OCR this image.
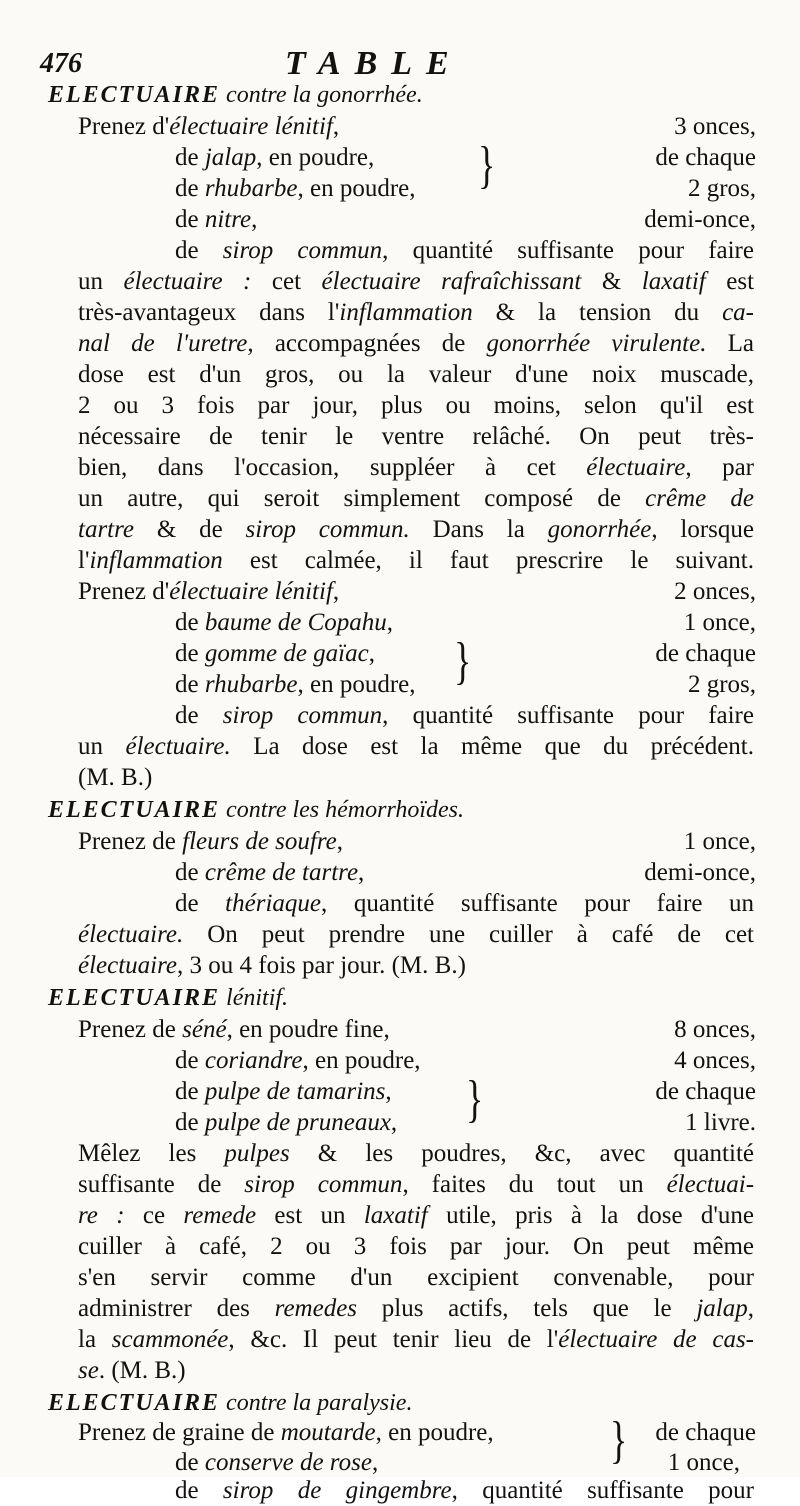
476	TABLE
ELECTUAIRE contre la gonorrhée.
Prenez d'électuaire lénitif,	3 onces,
de jalap, en poudre,	de chaque
}
de rhubarbe, en poudre,	2 gros,
de nitre,	demi-once,
de sirop commun, quantité suffisante pour faire
un électuaire : cet électuaire rafraîchissant & laxatif est
très-avantageux dans l'inflammation & la tension du ca-
nal de l'uretre, accompagnées de gonorrhée virulente. La
dose est d'un gros, ou la valeur d'une noix muscade,
2 ou 3 fois par jour, plus ou moins, selon qu'il est
nécessaire de tenir le ventre relâché. On peut très-
bien, dans l'occasion, suppléer à cet électuaire, par
un autre, qui seroit simplement composé de crême de
tartre & de sirop commun. Dans la gonorrhée, lorsque
l'inflammation est calmée, il faut prescrire le suivant.
Prenez d'électuaire lénitif,	2 onces,
de baume de Copahu,	1 once,
de gomme de gaïac,	de chaque
}
de rhubarbe, en poudre,	2 gros,
de sirop commun, quantité suffisante pour faire
un électuaire. La dose est la même que du précédent.
(M. B.)
ELECTUAIRE contre les hémorrhoïdes.
Prenez de fleurs de soufre,	1 once,
de crême de tartre,	demi-once,
de thériaque, quantité suffisante pour faire un
électuaire. On peut prendre une cuiller à café de cet
électuaire, 3 ou 4 fois par jour. (M. B.)
ELECTUAIRE lénitif.
Prenez de séné, en poudre fine,	8 onces,
de coriandre, en poudre,	4 onces,
de pulpe de tamarins,	de chaque
}
de pulpe de pruneaux,	1 livre.
Mêlez les pulpes & les poudres, &c, avec quantité
suffisante de sirop commun, faites du tout un électuai-
re : ce remede est un laxatif utile, pris à la dose d'une
cuiller à café, 2 ou 3 fois par jour. On peut même
s'en servir comme d'un excipient convenable, pour
administrer des remedes plus actifs, tels que le jalap,
la scammonée, &c. Il peut tenir lieu de l'électuaire de cas-
se. (M. B.)
ELECTUAIRE contre la paralysie.
Prenez de graine de moutarde, en poudre,	de chaque
}
de conserve de rose,	1 once,
de sirop de gingembre, quantité suffisante pour
